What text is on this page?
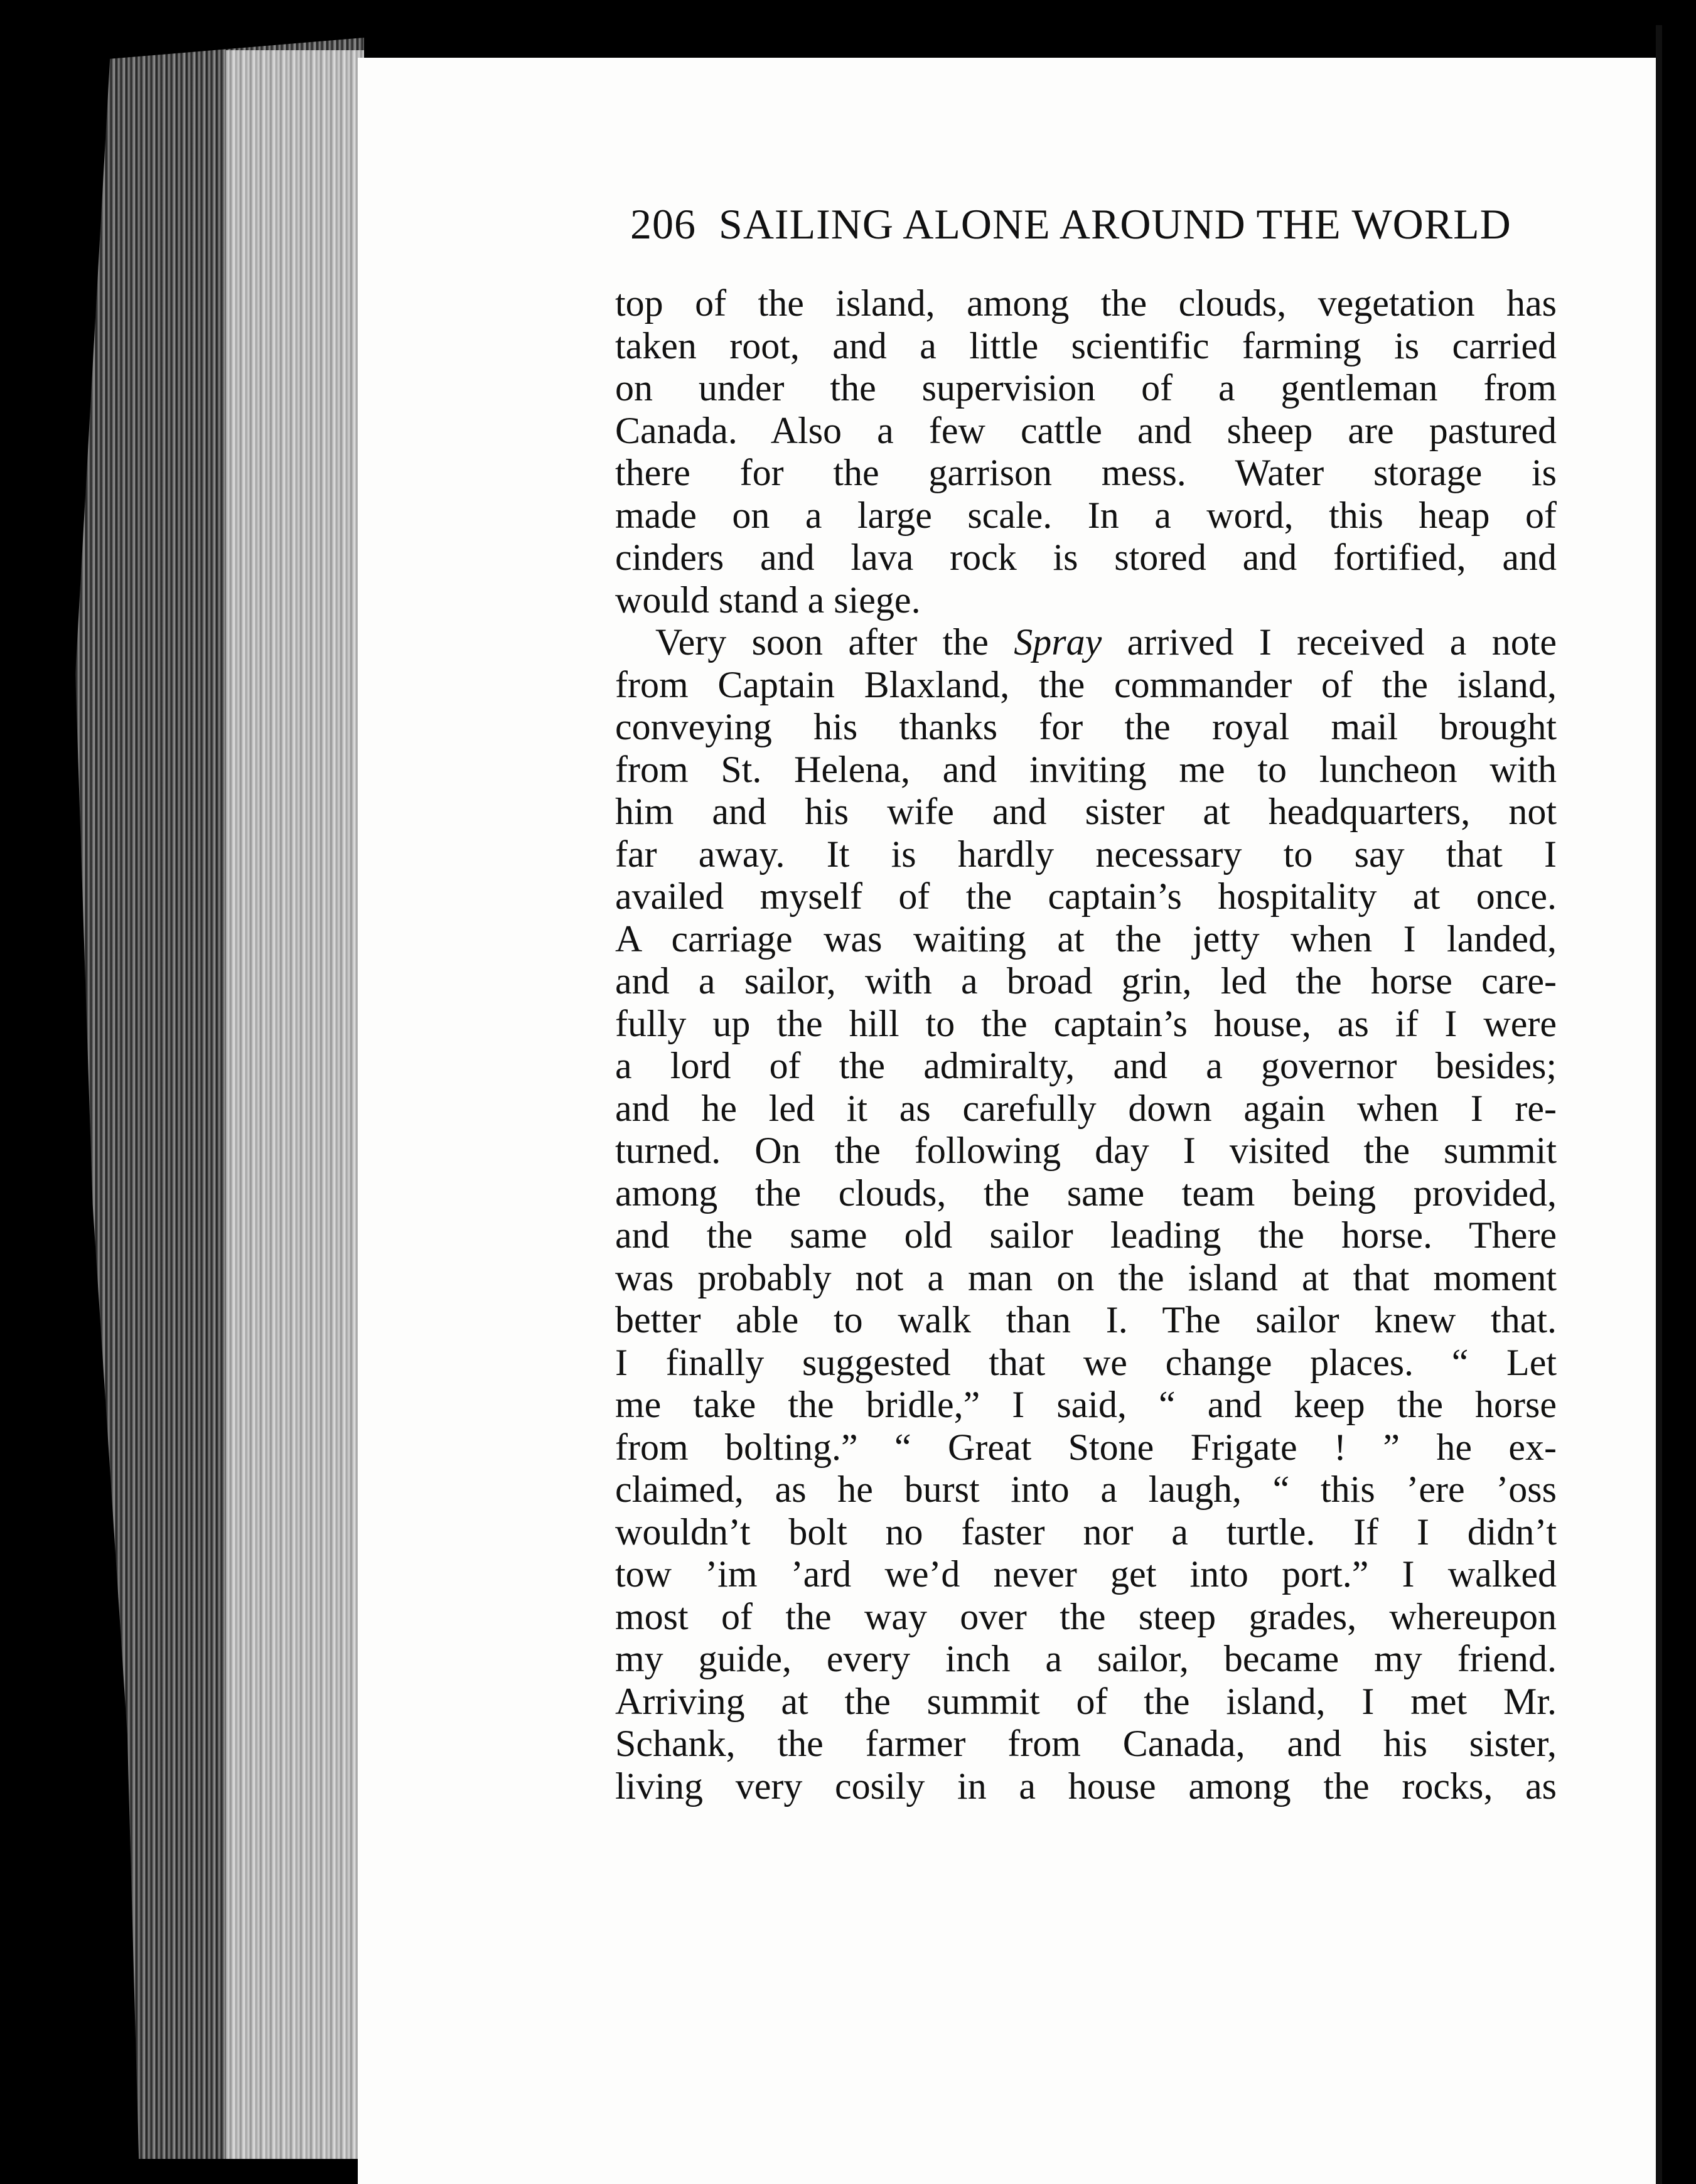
206 SAILING ALONE AROUND THE WORLD
top of the island, among the clouds, vegetation has
taken root, and a little scientific farming is carried
on under the supervision of a gentleman from
Canada. Also a few cattle and sheep are pastured
there for the garrison mess. Water storage is
made on a large scale. In a word, this heap of
cinders and lava rock is stored and fortified, and
would stand a siege.
Very soon after the Spray arrived I received a note
from Captain Blaxland, the commander of the island,
conveying his thanks for the royal mail brought
from St. Helena, and inviting me to luncheon with
him and his wife and sister at headquarters, not
far away. It is hardly necessary to say that I
availed myself of the captain’s hospitality at once.
A carriage was waiting at the jetty when I landed,
and a sailor, with a broad grin, led the horse care-
fully up the hill to the captain’s house, as if I were
a lord of the admiralty, and a governor besides;
and he led it as carefully down again when I re-
turned. On the following day I visited the summit
among the clouds, the same team being provided,
and the same old sailor leading the horse. There
was probably not a man on the island at that moment
better able to walk than I. The sailor knew that.
I finally suggested that we change places. “ Let
me take the bridle,” I said, “ and keep the horse
from bolting.” “ Great Stone Frigate ! ” he ex-
claimed, as he burst into a laugh, “ this ’ere ’oss
wouldn’t bolt no faster nor a turtle. If I didn’t
tow ’im ’ard we’d never get into port.” I walked
most of the way over the steep grades, whereupon
my guide, every inch a sailor, became my friend.
Arriving at the summit of the island, I met Mr.
Schank, the farmer from Canada, and his sister,
living very cosily in a house among the rocks, as
